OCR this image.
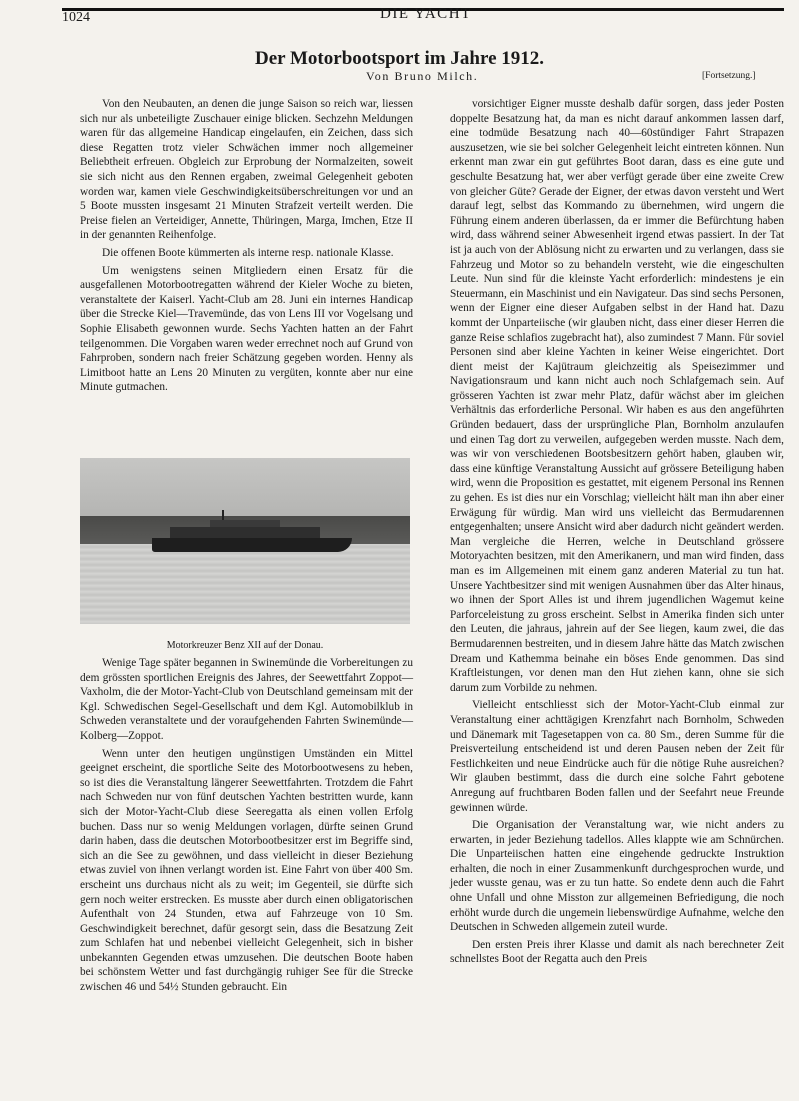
1024	DIE YACHT
Der Motorbootsport im Jahre 1912.
Von Bruno Milch.	[Fortsetzung.]

Von den Neubauten, an denen die junge Saison so reich war, liessen sich nur als unbeteiligte Zuschauer einige blicken. Sechzehn Meldungen waren für das allgemeine Handicap eingelaufen, ein Zeichen, dass sich diese Regatten trotz vieler Schwächen immer noch allgemeiner Beliebtheit erfreuen. Obgleich zur Erprobung der Normalzeiten, soweit sie sich nicht aus den Rennen ergaben, zweimal Gelegenheit geboten worden war, kamen viele Geschwindigkeitsüberschreitungen vor und an 5 Boote mussten insgesamt 21 Minuten Strafzeit verteilt werden. Die Preise fielen an Verteidiger, Annette, Thüringen, Marga, Imchen, Etze II in der genannten Reihenfolge.

Die offenen Boote kümmerten als interne resp. nationale Klasse.

Um wenigstens seinen Mitgliedern einen Ersatz für die ausgefallenen Motorbootregatten während der Kieler Woche zu bieten, veranstaltete der Kaiserl. Yacht-Club am 28. Juni ein internes Handicap über die Strecke Kiel—Travemünde, das von Lens III vor Vogelsang und Sophie Elisabeth gewonnen wurde. Sechs Yachten hatten an der Fahrt teilgenommen. Die Vorgaben waren weder errechnet noch auf Grund von Fahrproben, sondern nach freier Schätzung gegeben worden. Henny als Limitboot hatte an Lens 20 Minuten zu vergüten, konnte aber nur eine Minute gutmachen.

Motorkreuzer Benz XII auf der Donau.

Wenige Tage später begannen in Swinemünde die Vorbereitungen zu dem grössten sportlichen Ereignis des Jahres, der Seewettfahrt Zoppot—Vaxholm, die der Motor-Yacht-Club von Deutschland gemeinsam mit der Kgl. Schwedischen Segel-Gesellschaft und dem Kgl. Automobilklub in Schweden veranstaltete und der voraufgehenden Fahrten Swinemünde—Kolberg—Zoppot.

Wenn unter den heutigen ungünstigen Umständen ein Mittel geeignet erscheint, die sportliche Seite des Motorbootwesens zu heben, so ist dies die Veranstaltung längerer Seewettfahrten. Trotzdem die Fahrt nach Schweden nur von fünf deutschen Yachten bestritten wurde, kann sich der Motor-Yacht-Club diese Seeregatta als einen vollen Erfolg buchen. Dass nur so wenig Meldungen vorlagen, dürfte seinen Grund darin haben, dass die deutschen Motorbootbesitzer erst im Begriffe sind, sich an die See zu gewöhnen, und dass vielleicht in dieser Beziehung etwas zuviel von ihnen verlangt worden ist. Eine Fahrt von über 400 Sm. erscheint uns durchaus nicht als zu weit; im Gegenteil, sie dürfte sich gern noch weiter erstrecken. Es musste aber durch einen obligatorischen Aufenthalt von 24 Stunden, etwa auf Fahrzeuge von 10 Sm. Geschwindigkeit berechnet, dafür gesorgt sein, dass die Besatzung Zeit zum Schlafen hat und nebenbei vielleicht Gelegenheit, sich in bisher unbekannten Gegenden etwas umzusehen. Die deutschen Boote haben bei schönstem Wetter und fast durchgängig ruhiger See für die Strecke zwischen 46 und 54½ Stunden gebraucht. Ein

vorsichtiger Eigner musste deshalb dafür sorgen, dass jeder Posten doppelte Besatzung hat, da man es nicht darauf ankommen lassen darf, eine todmüde Besatzung nach 40—60stündiger Fahrt Strapazen auszusetzen, wie sie bei solcher Gelegenheit leicht eintreten können. Nun erkennt man zwar ein gut geführtes Boot daran, dass es eine gute und geschulte Besatzung hat, wer aber verfügt gerade über eine zweite Crew von gleicher Güte? Gerade der Eigner, der etwas davon versteht und Wert darauf legt, selbst das Kommando zu übernehmen, wird ungern die Führung einem anderen überlassen, da er immer die Befürchtung haben wird, dass während seiner Abwesenheit irgend etwas passiert. In der Tat ist ja auch von der Ablösung nicht zu erwarten und zu verlangen, dass sie Fahrzeug und Motor so zu behandeln versteht, wie die eingeschulten Leute. Nun sind für die kleinste Yacht erforderlich: mindestens je ein Steuermann, ein Maschinist und ein Navigateur. Das sind sechs Personen, wenn der Eigner eine dieser Aufgaben selbst in der Hand hat. Dazu kommt der Unparteiische (wir glauben nicht, dass einer dieser Herren die ganze Reise schlafios zugebracht hat), also zumindest 7 Mann. Für soviel Personen sind aber kleine Yachten in keiner Weise eingerichtet. Dort dient meist der Kajütraum gleichzeitig als Speisezimmer und Navigationsraum und kann nicht auch noch Schlafgemach sein. Auf grösseren Yachten ist zwar mehr Platz, dafür wächst aber im gleichen Verhältnis das erforderliche Personal. Wir haben es aus den angeführten Gründen bedauert, dass der ursprüngliche Plan, Bornholm anzulaufen und einen Tag dort zu verweilen, aufgegeben werden musste. Nach dem, was wir von verschiedenen Bootsbesitzern gehört haben, glauben wir, dass eine künftige Veranstaltung Aussicht auf grössere Beteiligung haben wird, wenn die Proposition es gestattet, mit eigenem Personal ins Rennen zu gehen. Es ist dies nur ein Vorschlag; vielleicht hält man ihn aber einer Erwägung für würdig. Man wird uns vielleicht das Bermudarennen entgegenhalten; unsere Ansicht wird aber dadurch nicht geändert werden. Man vergleiche die Herren, welche in Deutschland grössere Motoryachten besitzen, mit den Amerikanern, und man wird finden, dass man es im Allgemeinen mit einem ganz anderen Material zu tun hat. Unsere Yachtbesitzer sind mit wenigen Ausnahmen über das Alter hinaus, wo ihnen der Sport Alles ist und ihrem jugendlichen Wagemut keine Parforceleistung zu gross erscheint. Selbst in Amerika finden sich unter den Leuten, die jahraus, jahrein auf der See liegen, kaum zwei, die das Bermudarennen bestreiten, und in diesem Jahre hätte das Match zwischen Dream und Kathemma beinahe ein böses Ende genommen. Das sind Kraftleistungen, vor denen man den Hut ziehen kann, ohne sie sich darum zum Vorbilde zu nehmen.

Vielleicht entschliesst sich der Motor-Yacht-Club einmal zur Veranstaltung einer achttägigen Krenzfahrt nach Bornholm, Schweden und Dänemark mit Tagesetappen von ca. 80 Sm., deren Summe für die Preisverteilung entscheidend ist und deren Pausen neben der Zeit für Festlichkeiten und neue Eindrücke auch für die nötige Ruhe ausreichen? Wir glauben bestimmt, dass die durch eine solche Fahrt gebotene Anregung auf fruchtbaren Boden fallen und der Seefahrt neue Freunde gewinnen würde.

Die Organisation der Veranstaltung war, wie nicht anders zu erwarten, in jeder Beziehung tadellos. Alles klappte wie am Schnürchen. Die Unparteiischen hatten eine eingehende gedruckte Instruktion erhalten, die noch in einer Zusammenkunft durchgesprochen wurde, und jeder wusste genau, was er zu tun hatte. So endete denn auch die Fahrt ohne Unfall und ohne Misston zur allgemeinen Befriedigung, die noch erhöht wurde durch die ungemein liebenswürdige Aufnahme, welche den Deutschen in Schweden allgemein zuteil wurde.

Den ersten Preis ihrer Klasse und damit als nach berechneter Zeit schnellstes Boot der Regatta auch den Preis
